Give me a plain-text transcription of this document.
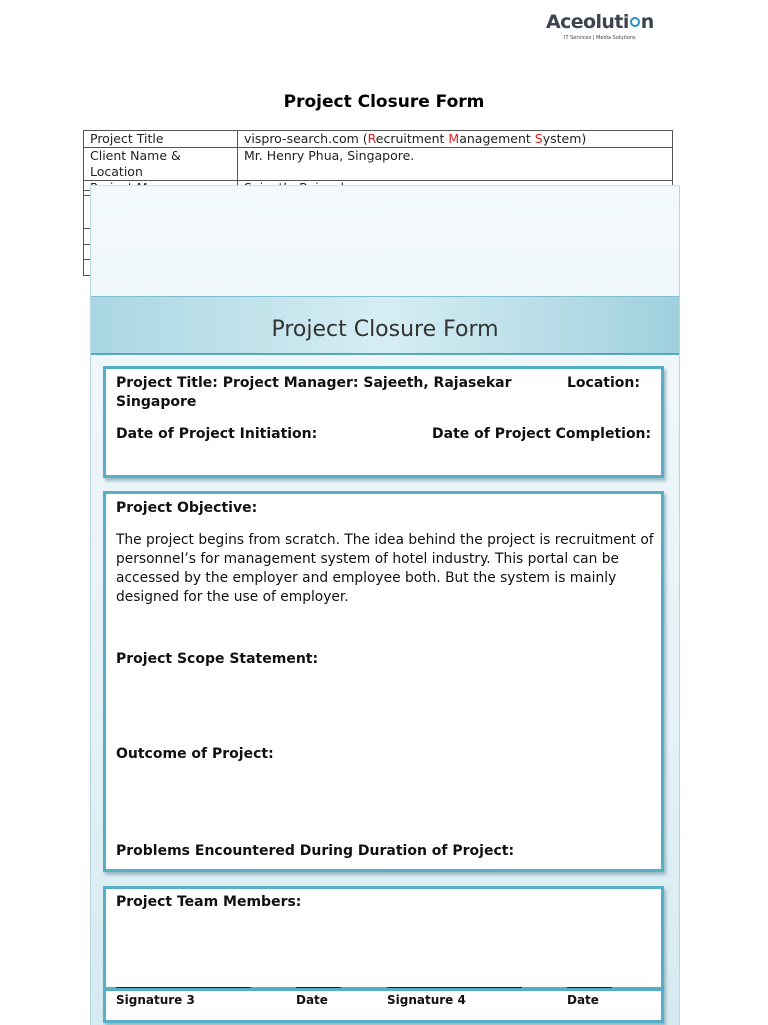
Aceoluti n
IT Services | Media Solutions
Project Closure Form
Project Title	vispro-search.com (Recruitment Management System)
Client Name & Location	Mr. Henry Phua, Singapore.

Project Closure Form
Project Title: Project Manager: Sajeeth, Rajasekar	Location:
Singapore
Date of Project Initiation:	Date of Project Completion:
Project Objective:
The project begins from scratch. The idea behind the project is recruitment of personnel’s for management system of hotel industry. This portal can be accessed by the employer and employee both. But the system is mainly designed for the use of employer.
Project Scope Statement:
Outcome of Project:
Problems Encountered During Duration of Project:
Project Team Members:
Signature 3	Date	Signature 4	Date
